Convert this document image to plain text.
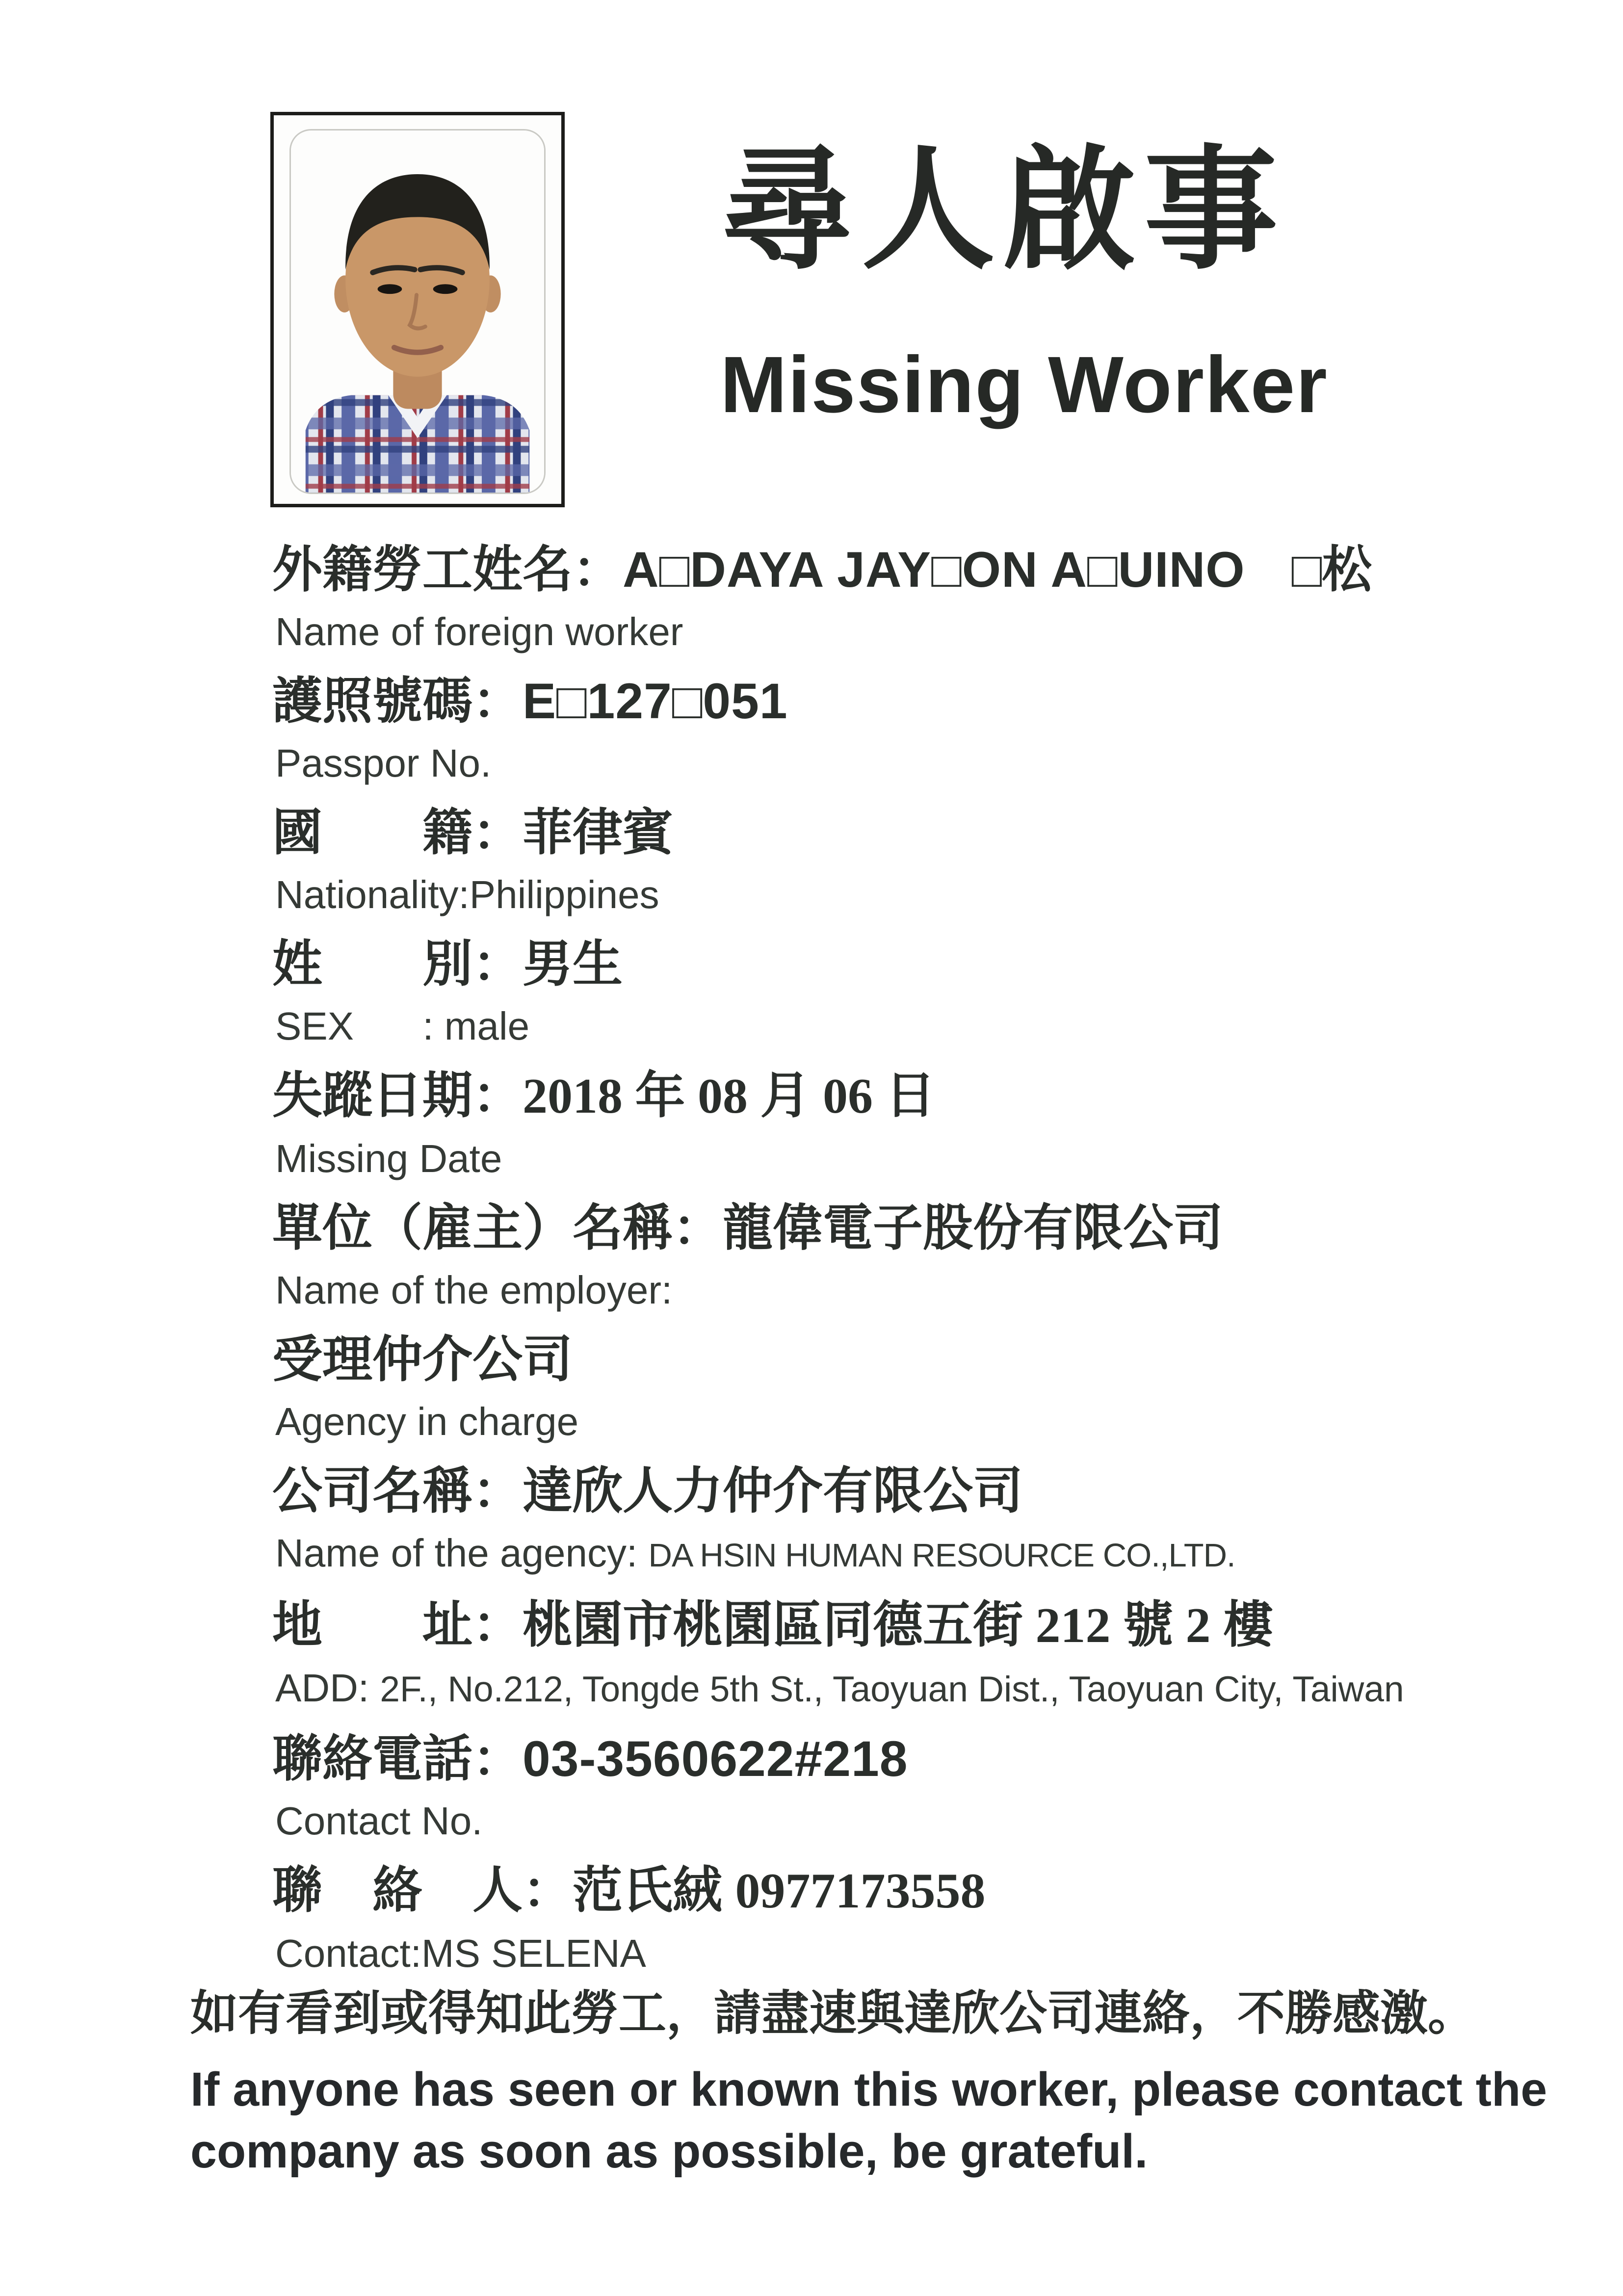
尋人啟事
Missing Worker
外籍勞工姓名：A□DAYA JAY□ON A□UINO □松
Name of foreign worker
護照號碼：E□127□051
Passpor No.
國　　籍：菲律賓
Nationality:Philippines
姓　　別：男生
SEX : male
失蹤日期：2018 年 08 月 06 日
Missing Date
單位（雇主）名稱：龍偉電子股份有限公司
Name of the employer:
受理仲介公司
Agency in charge
公司名稱：達欣人力仲介有限公司
Name of the agency: DA HSIN HUMAN RESOURCE CO.,LTD.
地　　址：桃園市桃園區同德五街 212 號 2 樓
ADD: 2F., No.212, Tongde 5th St., Taoyuan Dist., Taoyuan City, Taiwan
聯絡電話：03-3560622#218
Contact No.
聯　絡　人：范氏絨 0977173558
Contact:MS SELENA
如有看到或得知此勞工，請盡速與達欣公司連絡，不勝感激。
If anyone has seen or known this worker, please contact the company as soon as possible, be grateful.
